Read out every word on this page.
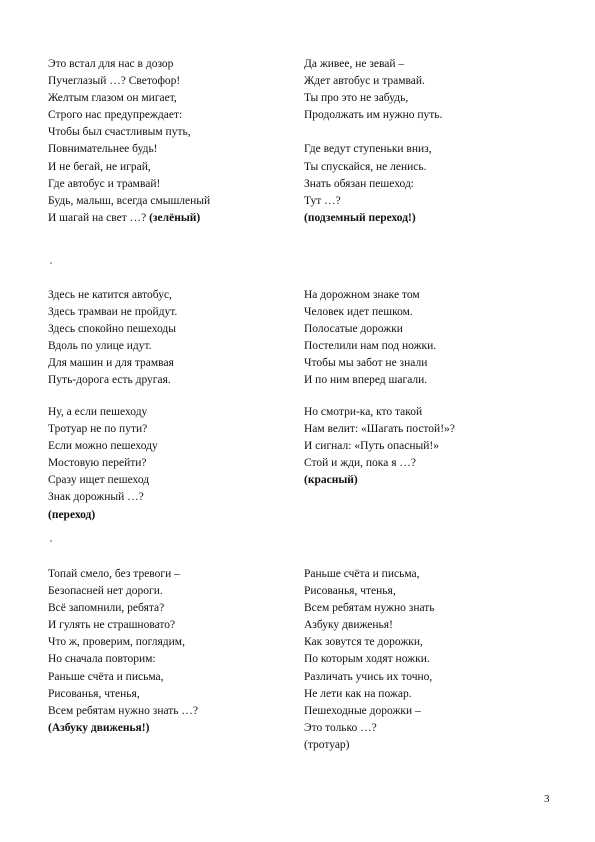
Это встал для нас в дозор
Пучеглазый …? Светофор!
Желтым глазом он мигает,
Строго нас предупреждает:
Чтобы был счастливым путь,
Повнимательнее будь!
И не бегай, не играй,
Где автобус и трамвай!
Будь, малыш, всегда смышленый
И шагай на свет …? (зелёный)
Да живее, не зевай –
Ждет автобус и трамвай.
Ты про это не забудь,
Продолжать им нужно путь.
Где ведут ступеньки вниз,
Ты спускайся, не ленись.
Знать обязан пешеход:
Тут …?
(подземный переход!)
Здесь не катится автобус,
Здесь трамваи не пройдут.
Здесь спокойно пешеходы
Вдоль по улице идут.
Для машин и для трамвая
Путь-дорога есть другая.
На дорожном знаке том
Человек идет пешком.
Полосатые дорожки
Постелили нам под ножки.
Чтобы мы забот не знали
И по ним вперед шагали.
Ну, а если пешеходу
Тротуар не по пути?
Если можно пешеходу
Мостовую перейти?
Сразу ищет пешеход
Знак дорожный …?
(переход)
Но смотри-ка, кто такой
Нам велит: «Шагать постой!»?
И сигнал: «Путь опасный!»
Стой и жди, пока я …?
(красный)
Топай смело, без тревоги –
Безопасней нет дороги.
Всё запомнили, ребята?
И гулять не страшновато?
Что ж, проверим, поглядим,
Но сначала повторим:
Раньше счёта и письма,
Рисованья, чтенья,
Всем ребятам нужно знать …?
(Азбуку движенья!)
Раньше счёта и письма,
Рисованья, чтенья,
Всем ребятам нужно знать
Азбуку движенья!
Как зовутся те дорожки,
По которым ходят ножки.
Различать учись их точно,
Не лети как на пожар.
Пешеходные дорожки –
Это только …?
(тротуар)
3
